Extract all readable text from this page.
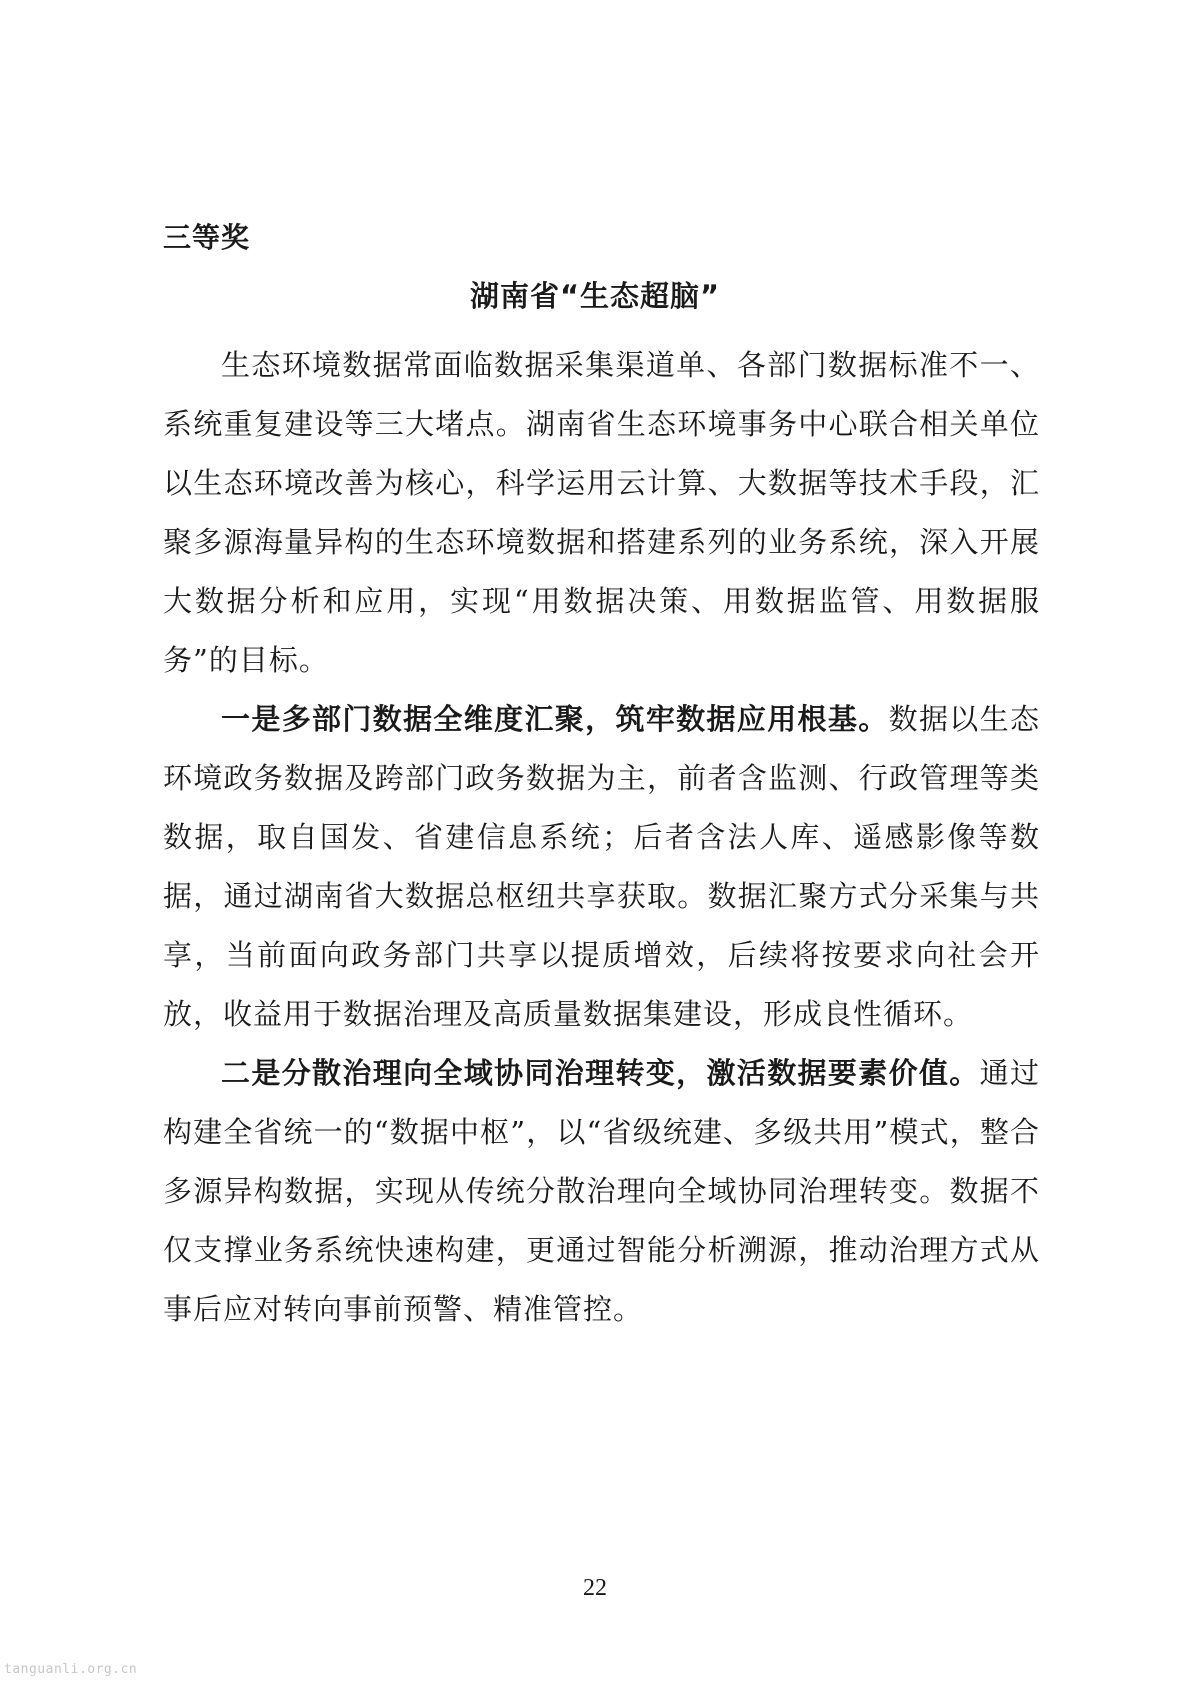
三等奖
湖南省“生态超脑”

生态环境数据常面临数据采集渠道单、各部门数据标准不一、系统重复建设等三大堵点。湖南省生态环境事务中心联合相关单位以生态环境改善为核心，科学运用云计算、大数据等技术手段，汇聚多源海量异构的生态环境数据和搭建系列的业务系统，深入开展大数据分析和应用，实现“用数据决策、用数据监管、用数据服务”的目标。

一是多部门数据全维度汇聚，筑牢数据应用根基。数据以生态环境政务数据及跨部门政务数据为主，前者含监测、行政管理等类数据，取自国发、省建信息系统；后者含法人库、遥感影像等数据，通过湖南省大数据总枢纽共享获取。数据汇聚方式分采集与共享，当前面向政务部门共享以提质增效，后续将按要求向社会开放，收益用于数据治理及高质量数据集建设，形成良性循环。

二是分散治理向全域协同治理转变，激活数据要素价值。通过构建全省统一的“数据中枢”，以“省级统建、多级共用”模式，整合多源异构数据，实现从传统分散治理向全域协同治理转变。数据不仅支撑业务系统快速构建，更通过智能分析溯源，推动治理方式从事后应对转向事前预警、精准管控。

22
tanguanli.org.cn
